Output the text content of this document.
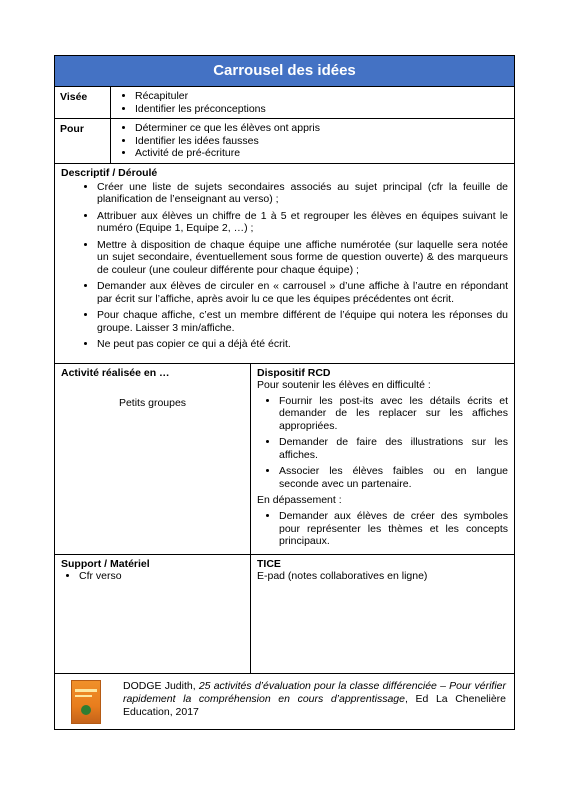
Carrousel des idées
Visée	• Récapituler
• Identifier les préconceptions
Pour	• Déterminer ce que les élèves ont appris
• Identifier les idées fausses
• Activité de pré-écriture
Descriptif / Déroulé
• Créer une liste de sujets secondaires associés au sujet principal (cfr la feuille de planification de l’enseignant au verso) ;
• Attribuer aux élèves un chiffre de 1 à 5 et regrouper les élèves en équipes suivant le numéro (Equipe 1, Equipe 2, …) ;
• Mettre à disposition de chaque équipe une affiche numérotée (sur laquelle sera notée un sujet secondaire, éventuellement sous forme de question ouverte) & des marqueurs de couleur (une couleur différente pour chaque équipe) ;
• Demander aux élèves de circuler en « carrousel » d’une affiche à l’autre en répondant par écrit sur l’affiche, après avoir lu ce que les équipes précédentes ont écrit.
• Pour chaque affiche, c’est un membre différent de l’équipe qui notera les réponses du groupe. Laisser 3 min/affiche.
• Ne peut pas copier ce qui a déjà été écrit.
Activité réalisée en …
Petits groupes
Dispositif RCD
Pour soutenir les élèves en difficulté :
• Fournir les post-its avec les détails écrits et demander de les replacer sur les affiches appropriées.
• Demander de faire des illustrations sur les affiches.
• Associer les élèves faibles ou en langue seconde avec un partenaire.
En dépassement :
• Demander aux élèves de créer des symboles pour représenter les thèmes et les concepts principaux.
Support / Matériel
• Cfr verso
TICE
E-pad (notes collaboratives en ligne)
DODGE Judith, 25 activités d’évaluation pour la classe différenciée – Pour vérifier rapidement la compréhension en cours d’apprentissage, Ed La Chenelière Education, 2017
